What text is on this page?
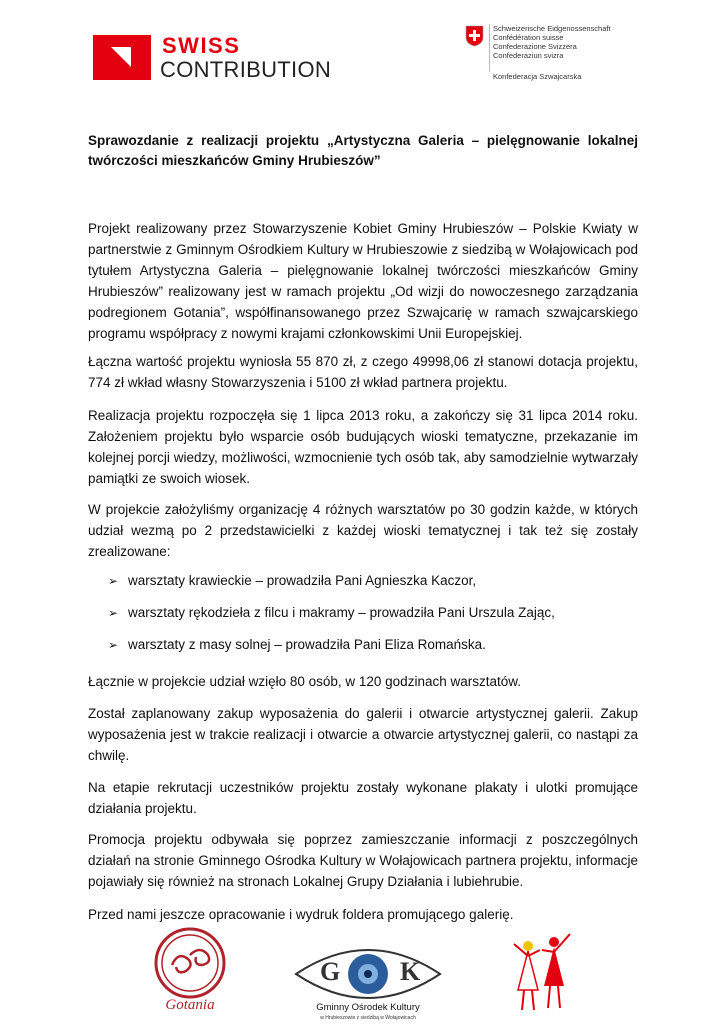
SWISS
CONTRIBUTION
Schweizerische Eidgenossenschaft
Confédération suisse
Confederazione Svizzera
Confederaziun svizra
Konfederacja Szwajcarska
Sprawozdanie z realizacji projektu „Artystyczna Galeria – pielęgnowanie lokalnej twórczości mieszkańców Gminy Hrubieszów”

Projekt realizowany przez Stowarzyszenie Kobiet Gminy Hrubieszów – Polskie Kwiaty w partnerstwie z Gminnym Ośrodkiem Kultury w Hrubieszowie z siedzibą w Wołajowicach pod tytułem Artystyczna Galeria – pielęgnowanie lokalnej twórczości mieszkańców Gminy Hrubieszów” realizowany jest w ramach projektu „Od wizji do nowoczesnego zarządzania podregionem Gotania”, współfinansowanego przez Szwajcarię w ramach szwajcarskiego programu współpracy z nowymi krajami członkowskimi Unii Europejskiej.

Łączna wartość projektu wyniosła 55 870 zł, z czego 49998,06 zł stanowi dotacja projektu, 774 zł wkład własny Stowarzyszenia i 5100 zł wkład partnera projektu.

Realizacja projektu rozpoczęła się 1 lipca 2013 roku, a zakończy się 31 lipca 2014 roku. Założeniem projektu było wsparcie osób budujących wioski tematyczne, przekazanie im kolejnej porcji wiedzy, możliwości, wzmocnienie tych osób tak, aby samodzielnie wytwarzały pamiątki ze swoich wiosek.

W projekcie założyliśmy organizację 4 różnych warsztatów po 30 godzin każde, w których udział wezmą po 2 przedstawicielki z każdej wioski tematycznej i tak też się zostały zrealizowane:

➢ warsztaty krawieckie – prowadziła Pani Agnieszka Kaczor,
➢ warsztaty rękodzieła z filcu i makramy – prowadziła Pani Urszula Zając,
➢ warsztaty z masy solnej – prowadziła Pani Eliza Romańska.

Łącznie w projekcie udział wzięło 80 osób, w 120 godzinach warsztatów.

Został zaplanowany zakup wyposażenia do galerii i otwarcie artystycznej galerii. Zakup wyposażenia jest w trakcie realizacji i otwarcie a otwarcie artystycznej galerii, co nastąpi za chwilę.

Na etapie rekrutacji uczestników projektu zostały wykonane plakaty i ulotki promujące działania projektu.

Promocja projektu odbywała się poprzez zamieszczanie informacji z poszczególnych działań na stronie Gminnego Ośrodka Kultury w Wołajowicach partnera projektu, informacje pojawiały się również na stronach Lokalnej Grupy Działania i lubiehrubie.

Przed nami jeszcze opracowanie i wydruk foldera promującego galerię.

Gotania
G K
Gminny Ośrodek Kultury
w Hrubieszowie z siedzibą w Wołajowicach
